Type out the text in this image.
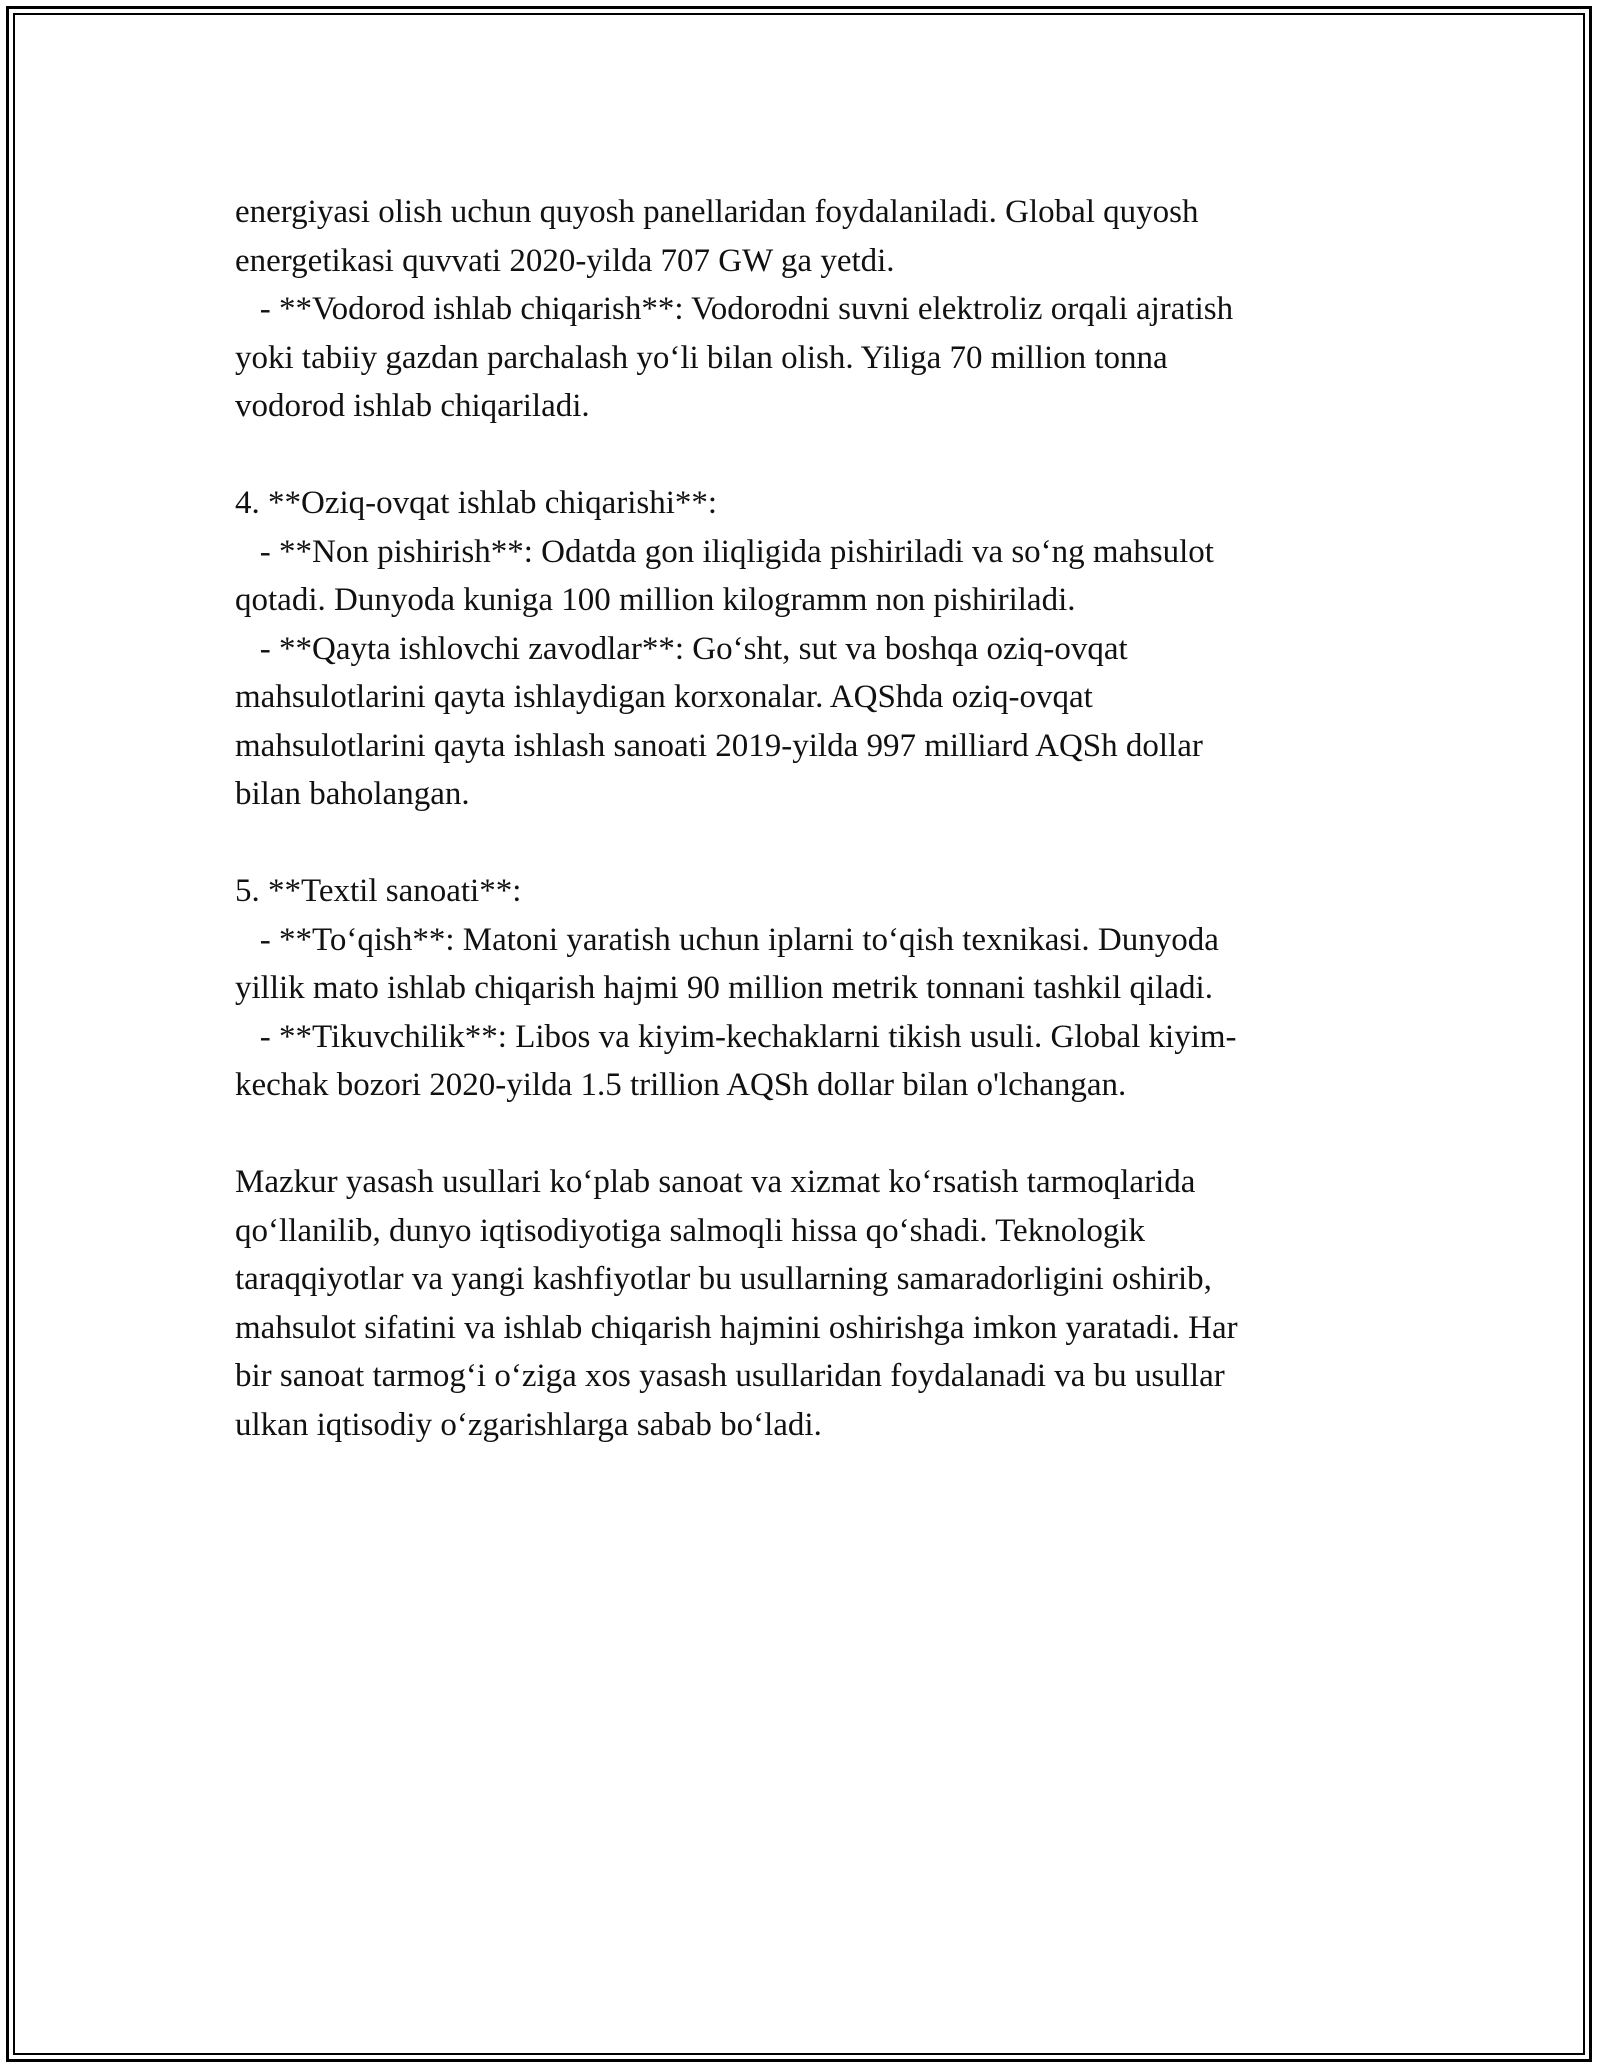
energiyasi olish uchun quyosh panellaridan foydalaniladi. Global quyosh
energetikasi quvvati 2020-yilda 707 GW ga yetdi.
- **Vodorod ishlab chiqarish**: Vodorodni suvni elektroliz orqali ajratish
yoki tabiiy gazdan parchalash yo‘li bilan olish. Yiliga 70 million tonna
vodorod ishlab chiqariladi.
4. **Oziq-ovqat ishlab chiqarishi**:
- **Non pishirish**: Odatda gon iliqligida pishiriladi va so‘ng mahsulot
qotadi. Dunyoda kuniga 100 million kilogramm non pishiriladi.
- **Qayta ishlovchi zavodlar**: Go‘sht, sut va boshqa oziq-ovqat
mahsulotlarini qayta ishlaydigan korxonalar. AQShda oziq-ovqat
mahsulotlarini qayta ishlash sanoati 2019-yilda 997 milliard AQSh dollar
bilan baholangan.
5. **Textil sanoati**:
- **To‘qish**: Matoni yaratish uchun iplarni to‘qish texnikasi. Dunyoda
yillik mato ishlab chiqarish hajmi 90 million metrik tonnani tashkil qiladi.
- **Tikuvchilik**: Libos va kiyim-kechaklarni tikish usuli. Global kiyim-
kechak bozori 2020-yilda 1.5 trillion AQSh dollar bilan o'lchangan.
Mazkur yasash usullari ko‘plab sanoat va xizmat ko‘rsatish tarmoqlarida
qo‘llanilib, dunyo iqtisodiyotiga salmoqli hissa qo‘shadi. Teknologik
taraqqiyotlar va yangi kashfiyotlar bu usullarning samaradorligini oshirib,
mahsulot sifatini va ishlab chiqarish hajmini oshirishga imkon yaratadi. Har
bir sanoat tarmog‘i o‘ziga xos yasash usullaridan foydalanadi va bu usullar
ulkan iqtisodiy o‘zgarishlarga sabab bo‘ladi.
